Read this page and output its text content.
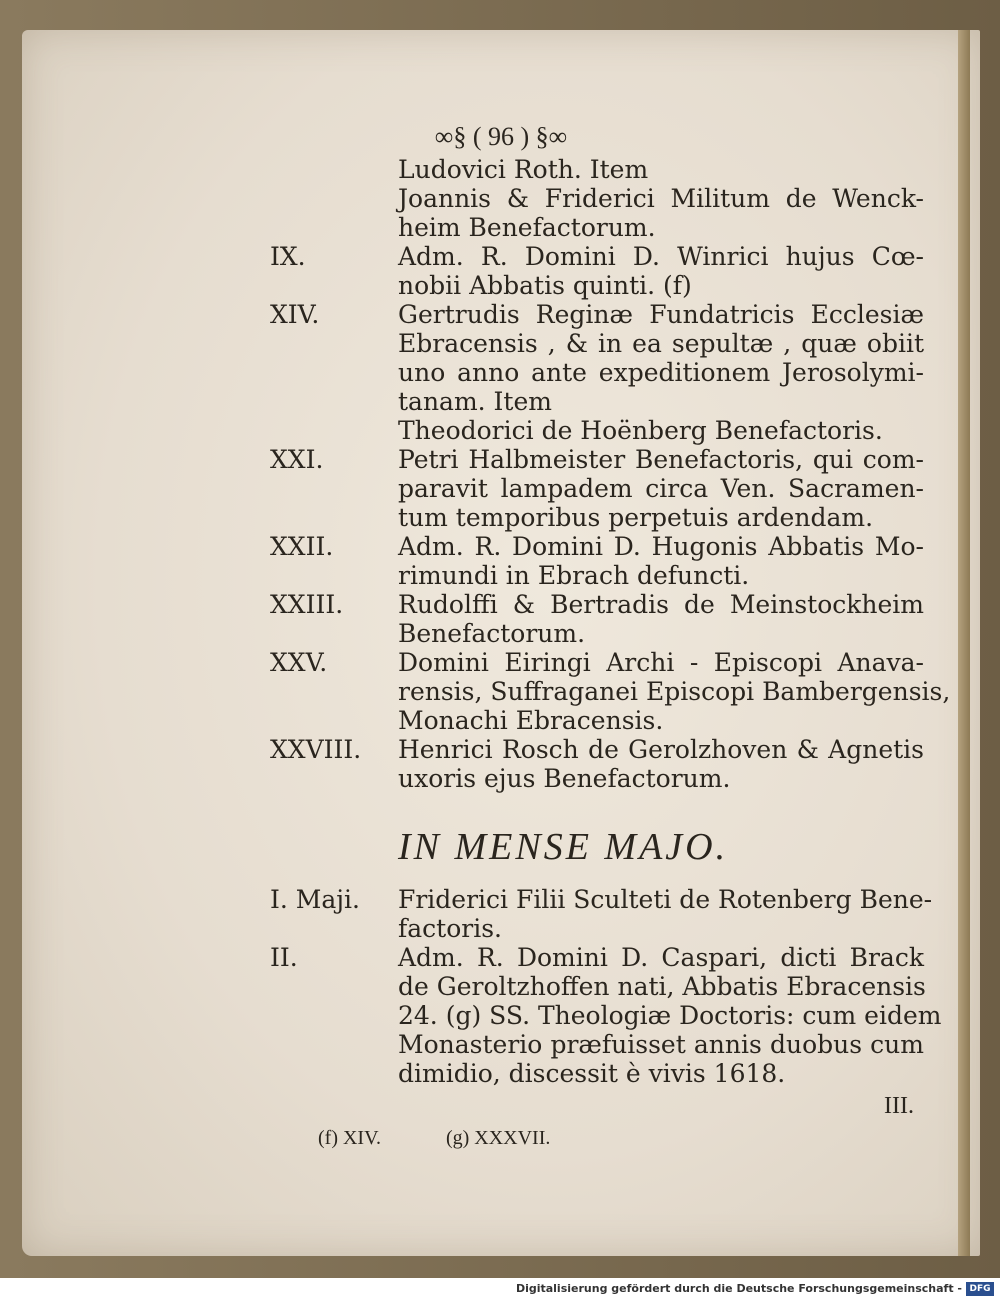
∞§ ( 96 ) §∞
Ludovici Roth. Item
Joannis & Friderici Militum de Wenck-
heim Benefactorum.
IX.	Adm. R. Domini D. Winrici hujus Cœ-
nobii Abbatis quinti. (f)
XIV.	Gertrudis Reginæ Fundatricis Ecclesiæ
Ebracensis , & in ea sepultæ , quæ obiit
uno anno ante expeditionem Jerosolymi-
tanam. Item
Theodorici de Hoënberg Benefactoris.
XXI.	Petri Halbmeister Benefactoris, qui com-
paravit lampadem circa Ven. Sacramen-
tum temporibus perpetuis ardendam.
XXII.	Adm. R. Domini D. Hugonis Abbatis Mo-
rimundi in Ebrach defuncti.
XXIII. Rudolffi & Bertradis de Meinstockheim
Benefactorum.
XXV.	Domini Eiringi Archi - Episcopi Anava-
rensis, Suffraganei Episcopi Bambergensis,
Monachi Ebracensis.
XXVIII. Henrici Rosch de Gerolzhoven & Agnetis
uxoris ejus Benefactorum.
IN MENSE MAJO.
I. Maji. Friderici Filii Sculteti de Rotenberg Bene-
factoris.
II.	Adm. R. Domini D. Caspari, dicti Brack
de Geroltzhoffen nati, Abbatis Ebracensis
24. (g) SS. Theologiæ Doctoris: cum eidem
Monasterio præfuisset annis duobus cum
dimidio, discessit è vivis 1618.
III.
(f) XIV.	(g) XXXVII.
Digitalisierung gefördert durch die Deutsche Forschungsgemeinschaft - DFG
